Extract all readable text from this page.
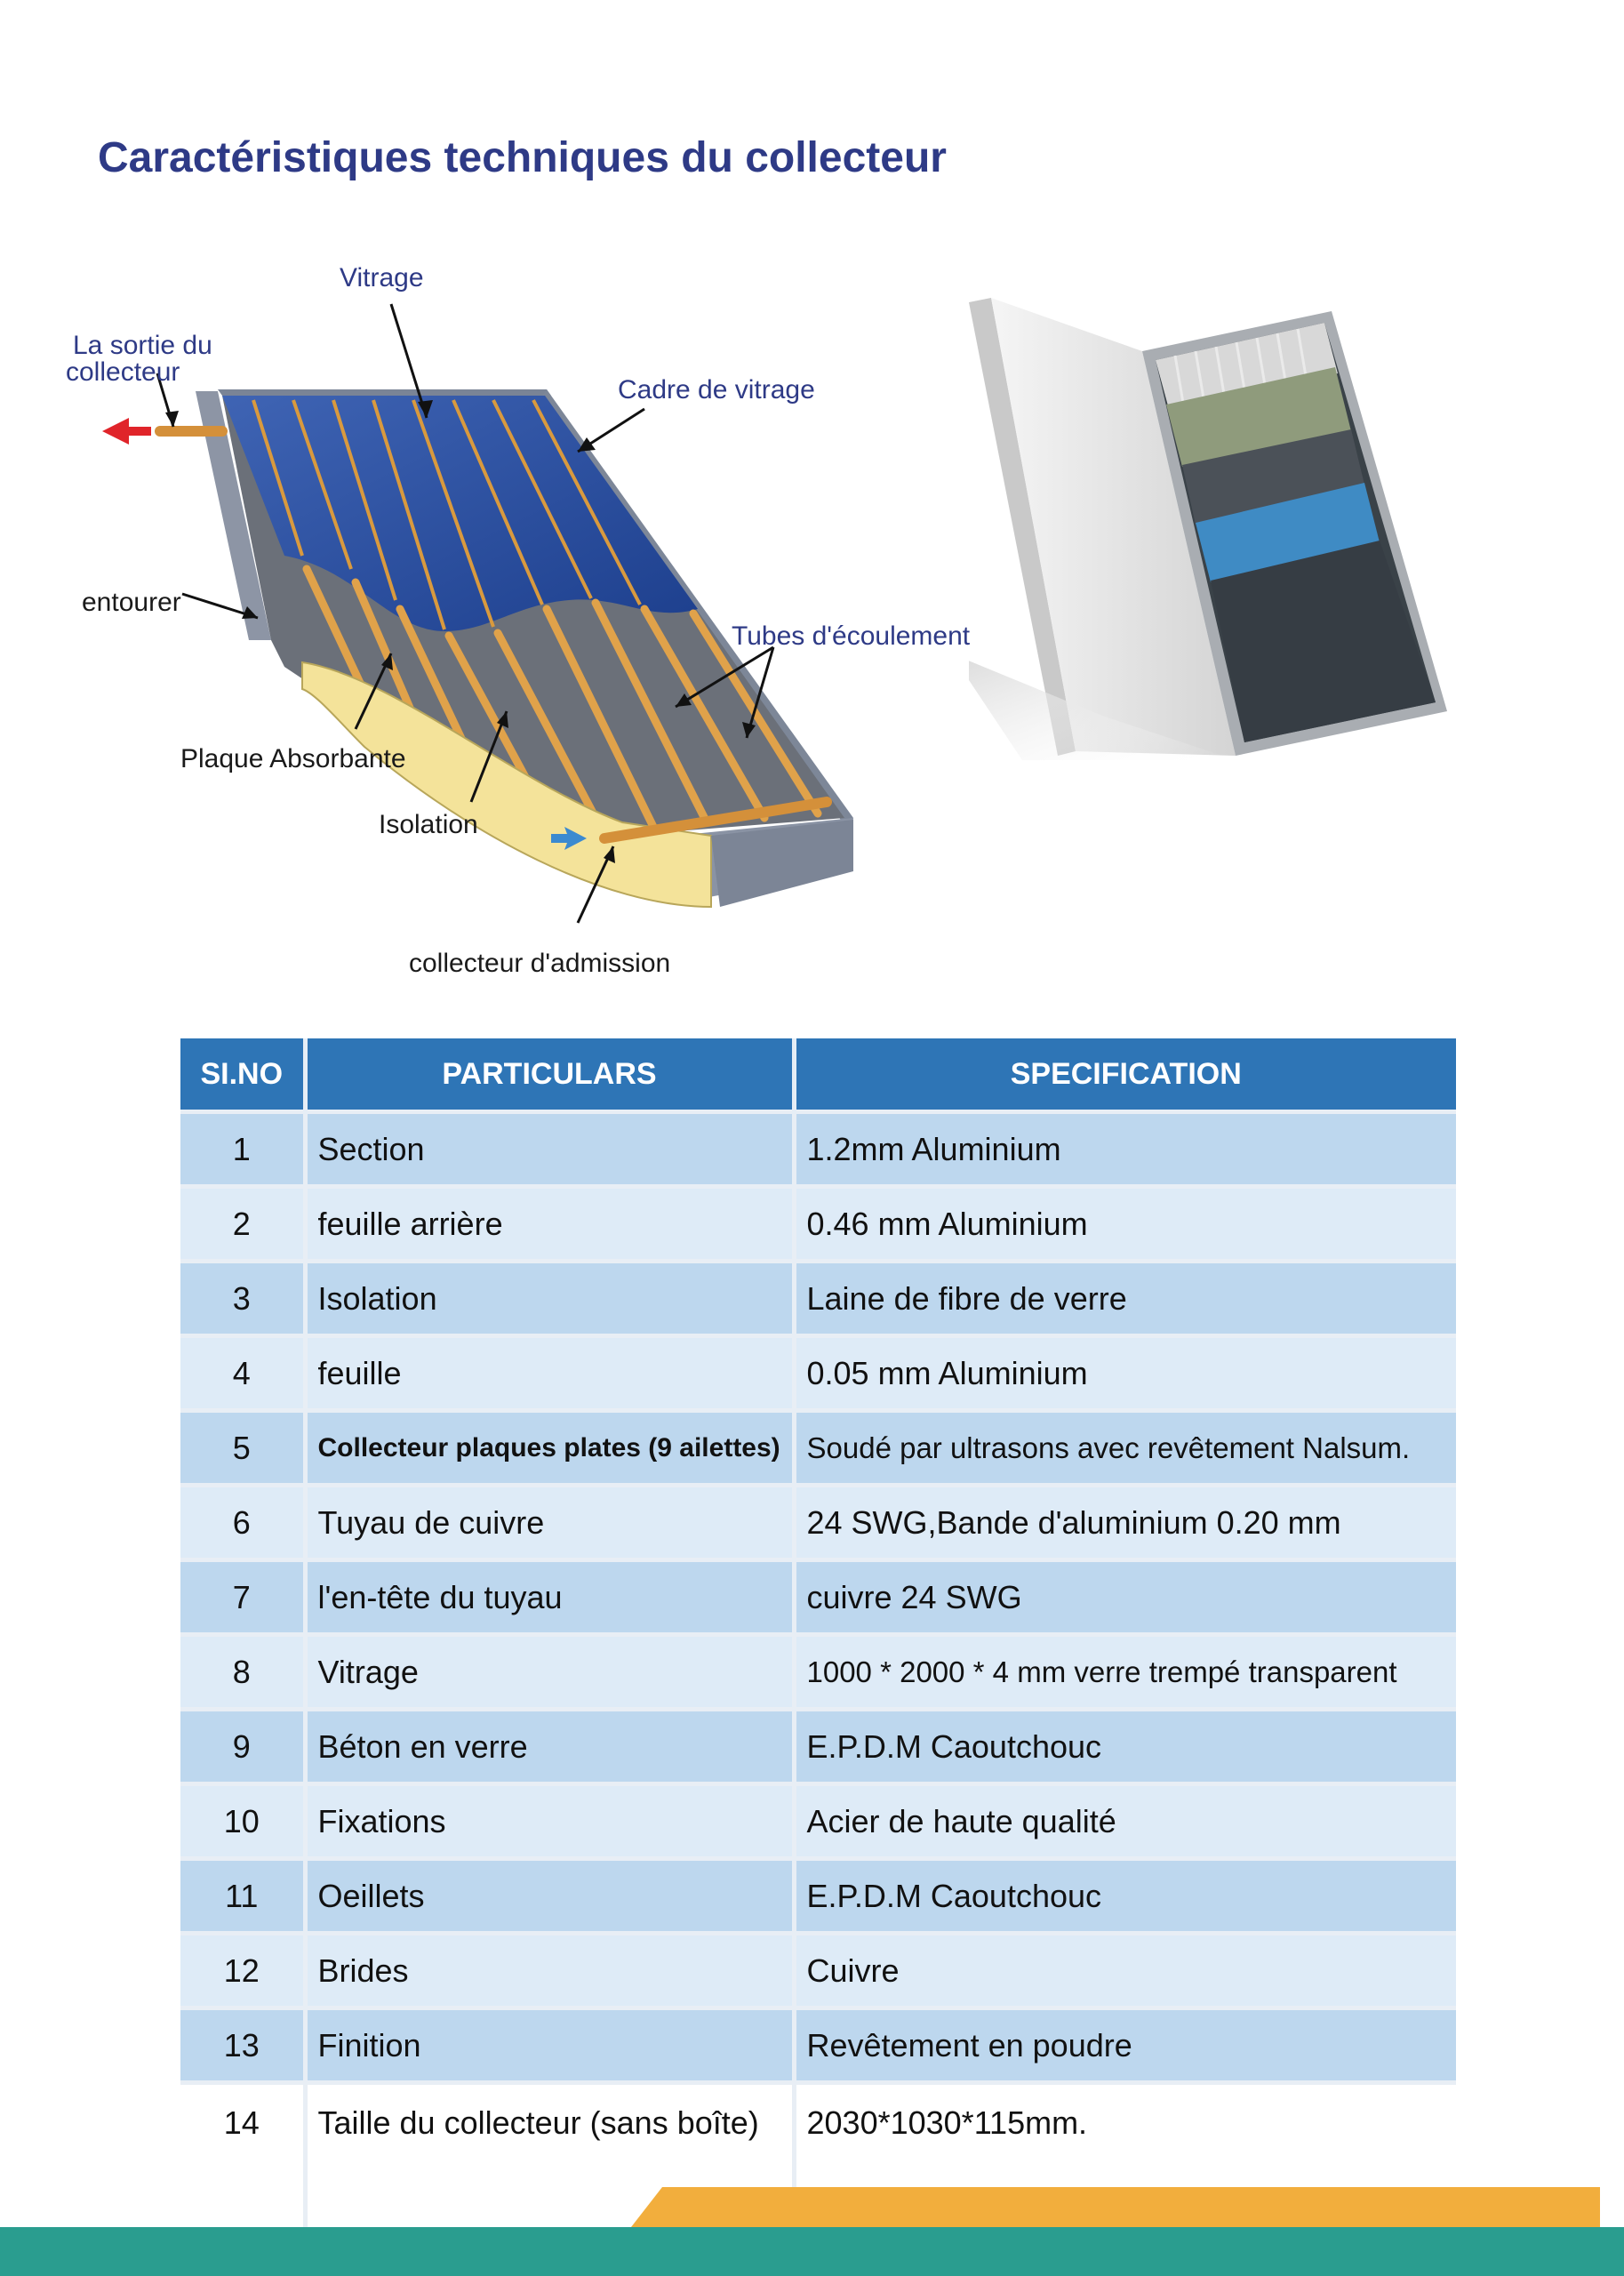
Caractéristiques techniques du collecteur
Vitrage
La sortie du
collecteur
Cadre de vitrage
entourer
Tubes d'écoulement
Plaque Absorbante
Isolation
collecteur d'admission
SI.NO	PARTICULARS	SPECIFICATION
1	Section	1.2mm Aluminium
2	feuille arrière	0.46 mm Aluminium
3	Isolation	Laine de fibre de verre
4	feuille	0.05 mm Aluminium
5	Collecteur plaques plates (9 ailettes)	Soudé par ultrasons avec revêtement Nalsum.
6	Tuyau de cuivre	24 SWG,Bande d'aluminium 0.20 mm
7	l'en-tête du tuyau	cuivre 24 SWG
8	Vitrage	1000 * 2000 * 4 mm verre trempé transparent
9	Béton en verre	E.P.D.M Caoutchouc
10	Fixations	Acier de haute qualité
11	Oeillets	E.P.D.M Caoutchouc
12	Brides	Cuivre
13	Finition	Revêtement en poudre
14	Taille du collecteur (sans boîte)	2030*1030*115mm.
